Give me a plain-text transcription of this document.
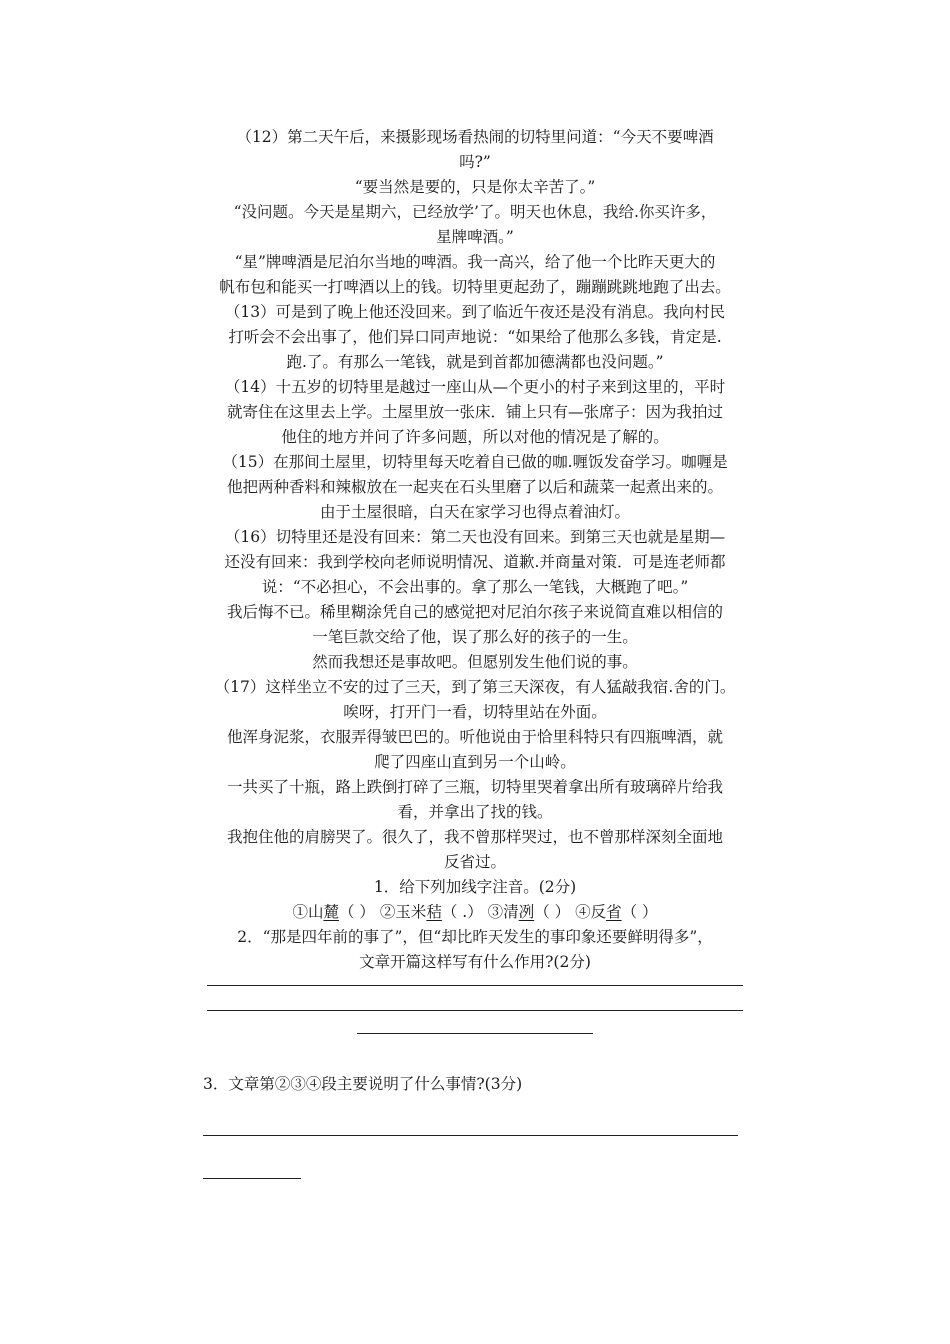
（12）第二天午后，来摄影现场看热闹的切特里问道：“今天不要啤酒
吗?”
“要当然是要的，只是你太辛苦了。”
“没问题。今天是星期六，已经放学’了。明天也休息，我给.你买许多，
星牌啤酒。”
“星”牌啤酒是尼泊尔当地的啤酒。我一高兴，给了他一个比昨天更大的
帆布包和能买一打啤酒以上的钱。切特里更起劲了，蹦蹦跳跳地跑了出去。
（13）可是到了晚上他还没回来。到了临近午夜还是没有消息。我向村民
打听会不会出事了，他们异口同声地说：“如果给了他那么多钱，肯定是.
跑.了。有那么一笔钱，就是到首都加德满都也没问题。”
（14）十五岁的切特里是越过一座山从—个更小的村子来到这里的，平时
就寄住在这里去上学。土屋里放一张床．铺上只有—张席子：因为我拍过
他住的地方并问了许多问题，所以对他的情况是了解的。
（15）在那间土屋里，切特里每天吃着自已做的咖.喱饭发奋学习。咖喱是
他把两种香料和辣椒放在一起夹在石头里磨了以后和蔬菜一起煮出来的。
由于土屋很暗，白天在家学习也得点着油灯。
（16）切特里还是没有回来：第二天也没有回来。到第三天也就是星期—
还没有回来：我到学校向老师说明情况、道歉.并商量对策．可是连老师都
说：“不必担心，不会出事的。拿了那么一笔钱，大概跑了吧。”
我后悔不已。稀里糊涂凭自己的感觉把对尼泊尔孩子来说简直难以相信的
一笔巨款交给了他，误了那么好的孩子的一生。
然而我想还是事故吧。但愿别发生他们说的事。
（17）这样坐立不安的过了三天，到了第三天深夜，有人猛敲我宿.舍的门。
唉呀，打开门一看，切特里站在外面。
他浑身泥浆，衣服弄得皱巴巴的。听他说由于恰里科特只有四瓶啤酒，就
爬了四座山直到另一个山岭。
一共买了十瓶，路上跌倒打碎了三瓶，切特里哭着拿出所有玻璃碎片给我
看，并拿出了找的钱。
我抱住他的肩膀哭了。很久了，我不曾那样哭过，也不曾那样深刻全面地
反省过。
1．给下列加线字注音。(2分)
①山麓（ ） ②玉米秸（ .） ③清冽（ ） ④反省（ ）
2．“那是四年前的事了”，但“却比昨天发生的事印象还要鲜明得多”，
文章开篇这样写有什么作用?(2分)
3．文章第②③④段主要说明了什么事情?(3分)
